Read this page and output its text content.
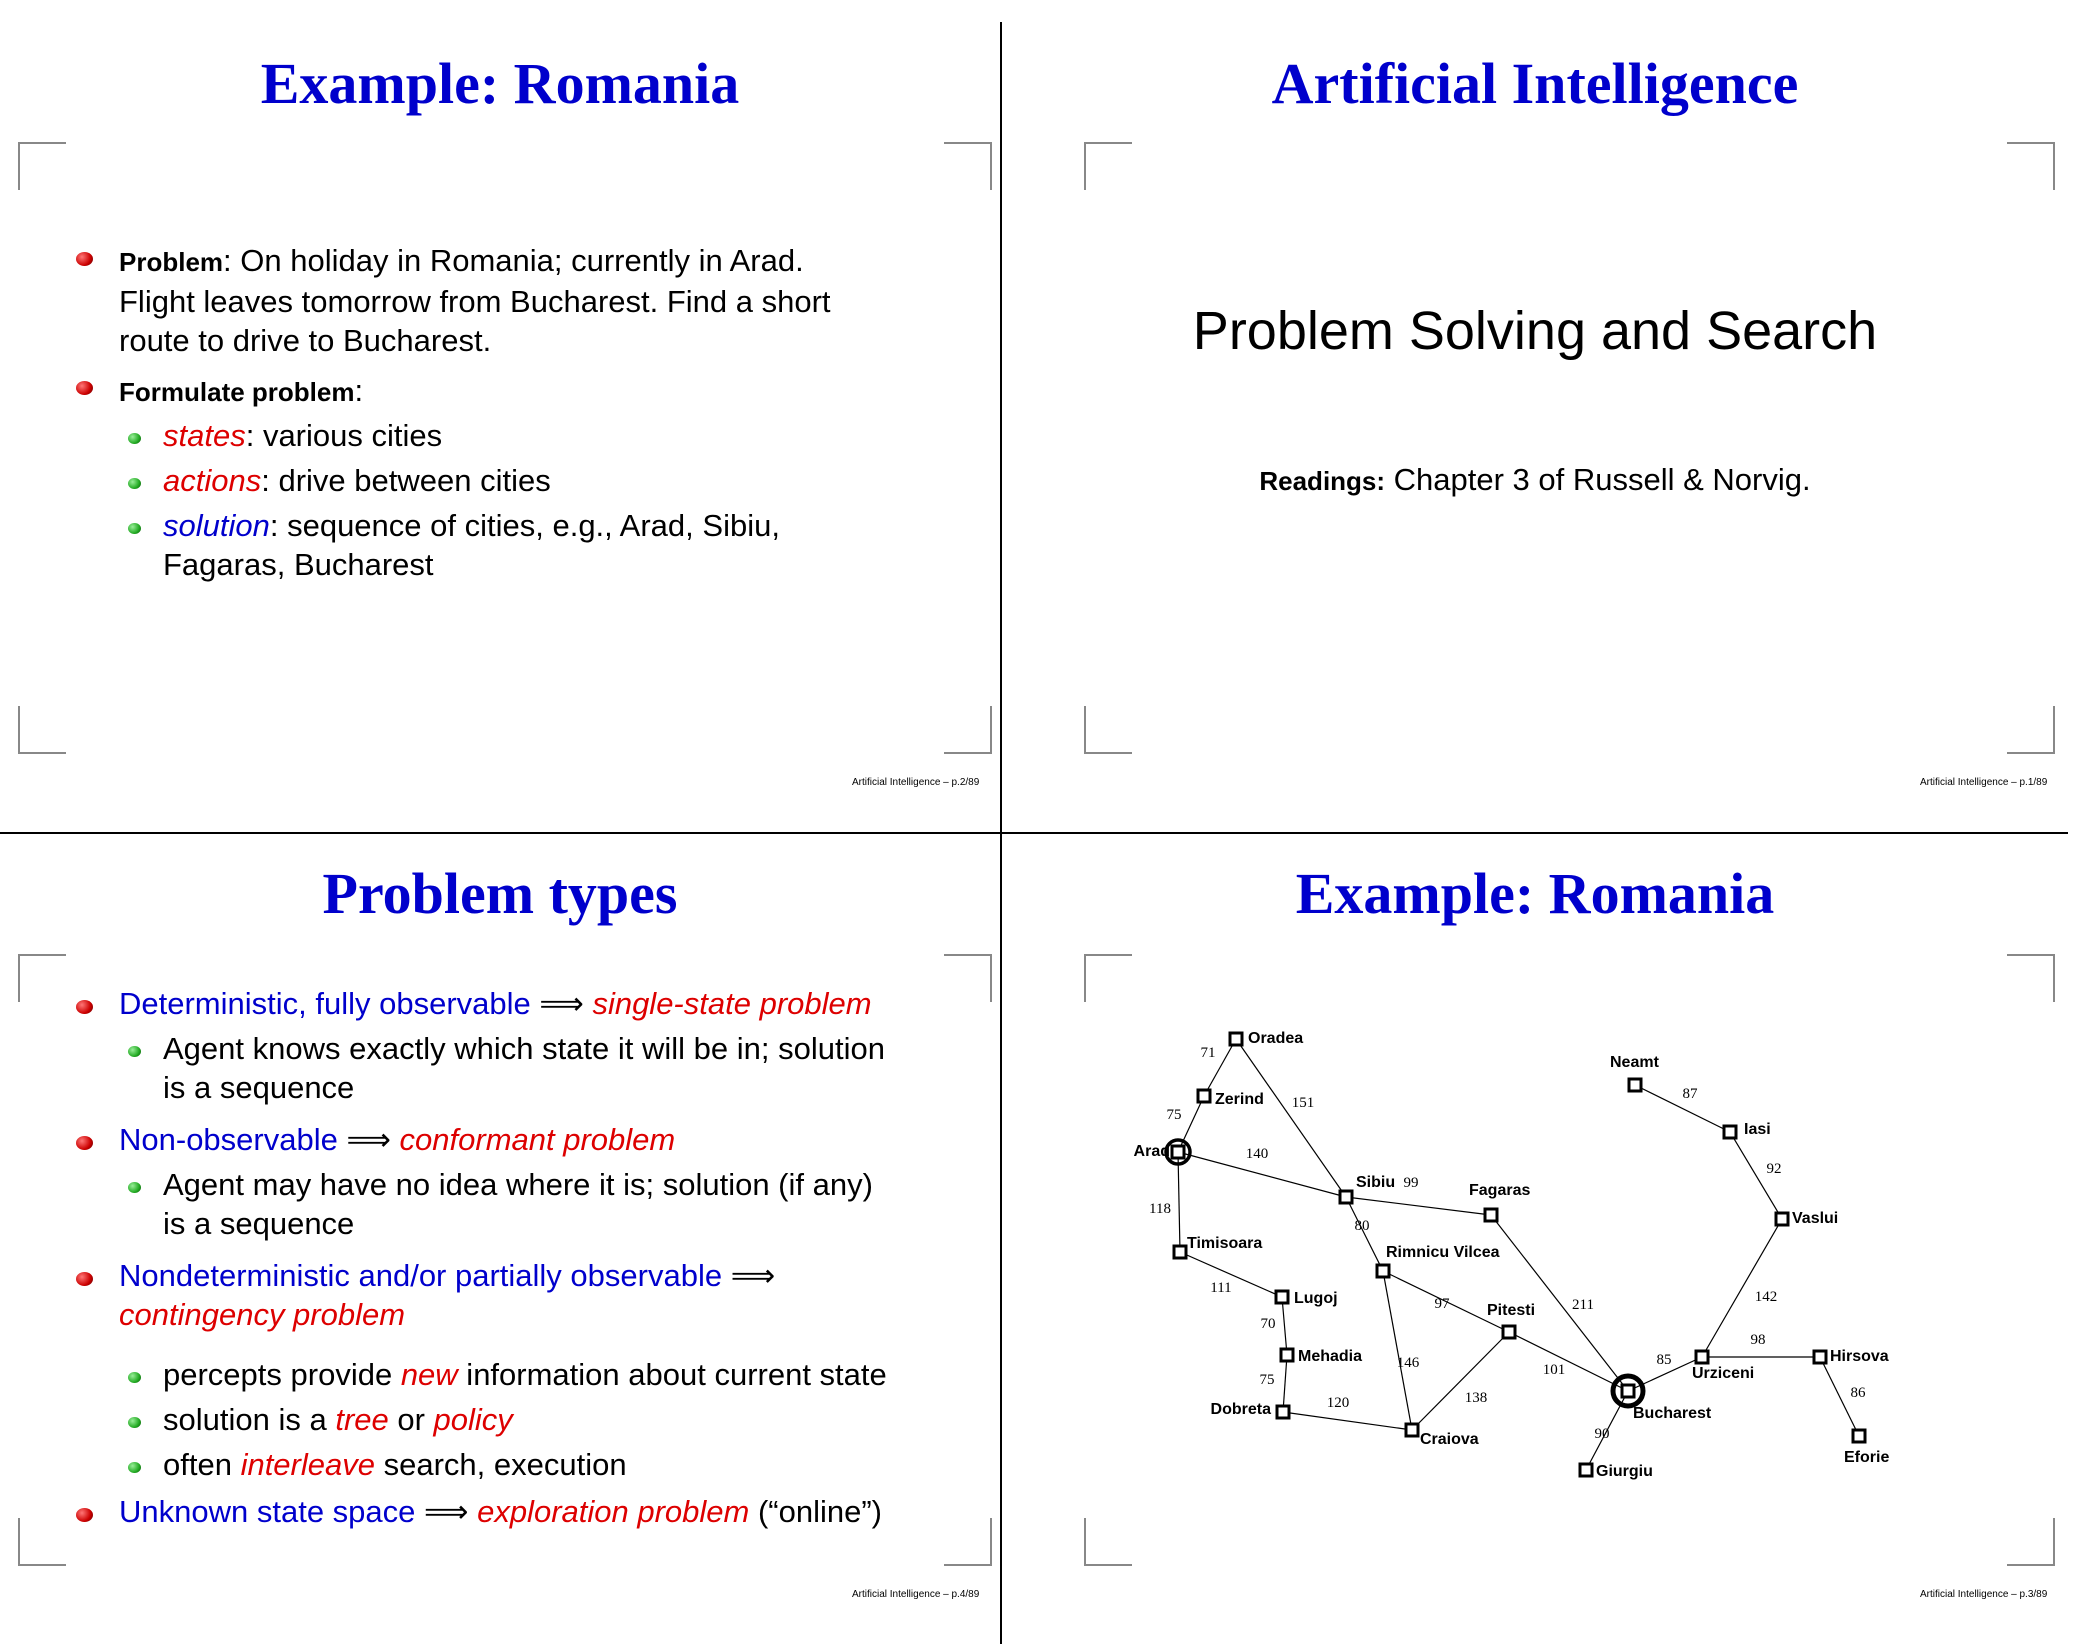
Example: Romania
Problem: On holiday in Romania; currently in Arad.
Flight leaves tomorrow from Bucharest. Find a short
route to drive to Bucharest.
Formulate problem:
states: various cities
actions: drive between cities
solution: sequence of cities, e.g., Arad, Sibiu,
Fagaras, Bucharest
Artificial Intelligence – p.2/89
Artificial Intelligence
Problem Solving and Search
Readings: Chapter 3 of Russell & Norvig.
Artificial Intelligence – p.1/89
Problem types
Deterministic, fully observable ⟹ single-state problem
Agent knows exactly which state it will be in; solution
is a sequence
Non-observable ⟹ conformant problem
Agent may have no idea where it is; solution (if any)
is a sequence
Nondeterministic and/or partially observable ⟹
contingency problem
percepts provide new information about current state
solution is a tree or policy
often interleave search, execution
Unknown state space ⟹ exploration problem (“online”)
Artificial Intelligence – p.4/89
Example: Romania
71
75
151
140
118
111
70
75
120
99
80
97
146
138
101
211
90
85
98
86
142
92
87
Oradea
Zerind
Arad
Timisoara
Lugoj
Mehadia
Dobreta
Craiova
Sibiu	Fagaras
Rimnicu Vilcea
Pitesti
Bucharest
Giurgiu
Urziceni
Hirsova
Eforie
Vaslui
Iasi
Neamt
Artificial Intelligence – p.3/89
